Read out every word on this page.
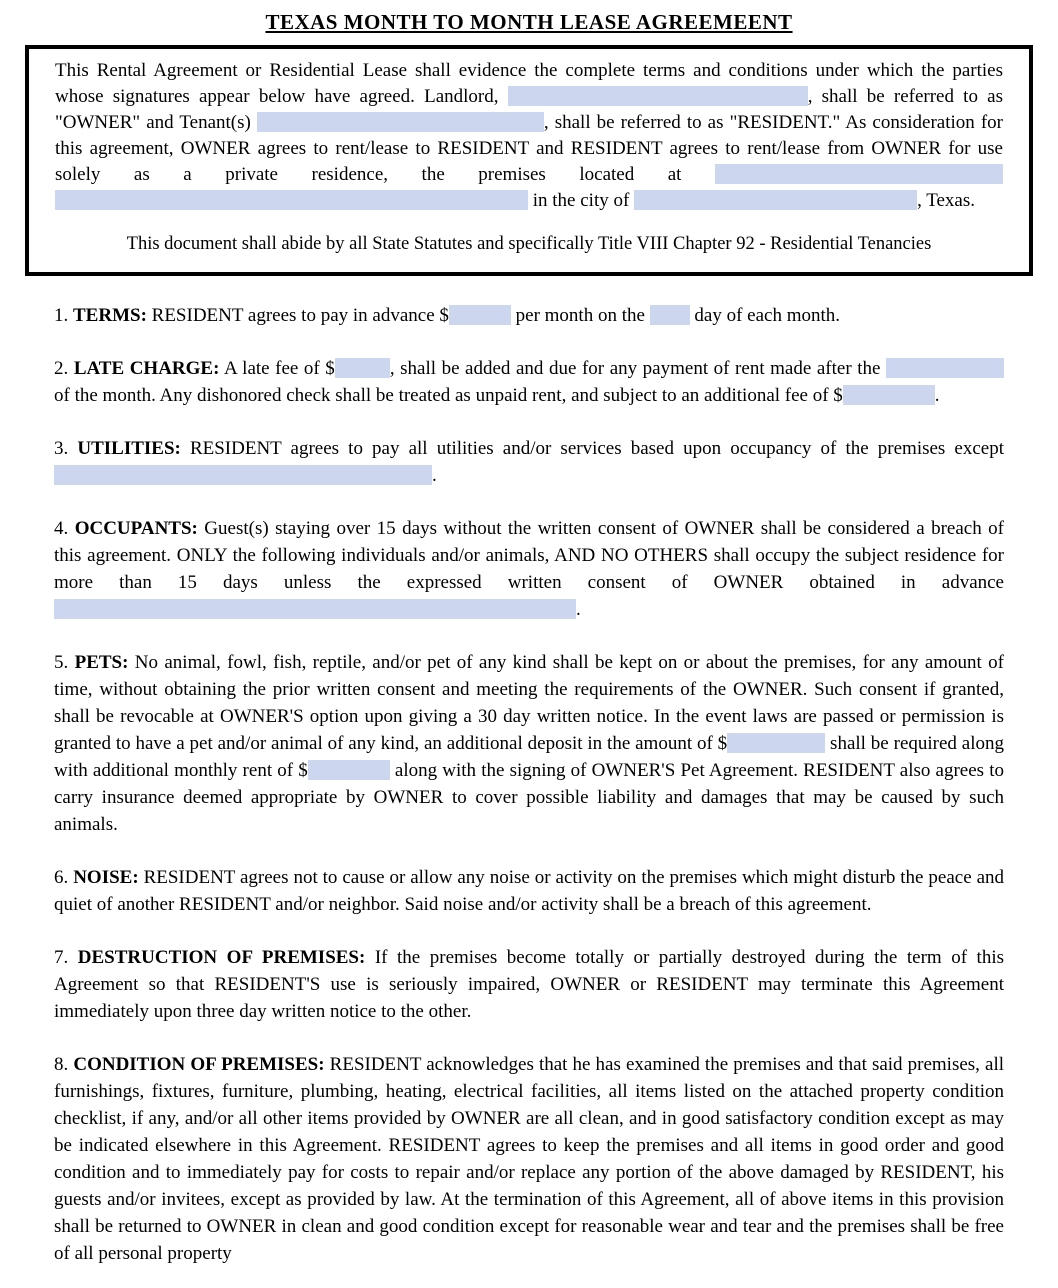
TEXAS MONTH TO MONTH LEASE AGREEMEENT

This Rental Agreement or Residential Lease shall evidence the complete terms and conditions under which the parties whose signatures appear below have agreed. Landlord,	, shall be referred to as "OWNER" and Tenant(s)	, shall be referred to as "RESIDENT." As consideration for this agreement, OWNER agrees to rent/lease to RESIDENT and RESIDENT agrees to rent/lease from OWNER for use solely as a private residence, the premises located at   in the city of	, Texas.

This document shall abide by all State Statutes and specifically Title VIII Chapter 92 - Residential Tenancies

1. TERMS: RESIDENT agrees to pay in advance $	per month on the  day of each month.

2. LATE CHARGE: A late fee of $	, shall be added and due for any payment of rent made after the  of the month. Any dishonored check shall be treated as unpaid rent, and subject to an additional fee of $	.

3. UTILITIES: RESIDENT agrees to pay all utilities and/or services based upon occupancy of the premises except .

4. OCCUPANTS: Guest(s) staying over 15 days without the written consent of OWNER shall be considered a breach of this agreement. ONLY the following individuals and/or animals, AND NO OTHERS shall occupy the subject residence for more than 15 days unless the expressed written consent of OWNER obtained in advance .

5. PETS: No animal, fowl, fish, reptile, and/or pet of any kind shall be kept on or about the premises, for any amount of time, without obtaining the prior written consent and meeting the requirements of the OWNER. Such consent if granted, shall be revocable at OWNER'S option upon giving a 30 day written notice. In the event laws are passed or permission is granted to have a pet and/or animal of any kind, an additional deposit in the amount of $	shall be required along with additional monthly rent of $	along with the signing of OWNER'S Pet Agreement. RESIDENT also agrees to carry insurance deemed appropriate by OWNER to cover possible liability and damages that may be caused by such animals.

6. NOISE: RESIDENT agrees not to cause or allow any noise or activity on the premises which might disturb the peace and quiet of another RESIDENT and/or neighbor. Said noise and/or activity shall be a breach of this agreement.

7. DESTRUCTION OF PREMISES: If the premises become totally or partially destroyed during the term of this Agreement so that RESIDENT'S use is seriously impaired, OWNER or RESIDENT may terminate this Agreement immediately upon three day written notice to the other.

8. CONDITION OF PREMISES: RESIDENT acknowledges that he has examined the premises and that said premises, all furnishings, fixtures, furniture, plumbing, heating, electrical facilities, all items listed on the attached property condition checklist, if any, and/or all other items provided by OWNER are all clean, and in good satisfactory condition except as may be indicated elsewhere in this Agreement. RESIDENT agrees to keep the premises and all items in good order and good condition and to immediately pay for costs to repair and/or replace any portion of the above damaged by RESIDENT, his guests and/or invitees, except as provided by law. At the termination of this Agreement, all of above items in this provision shall be returned to OWNER in clean and good condition except for reasonable wear and tear and the premises shall be free of all personal property
